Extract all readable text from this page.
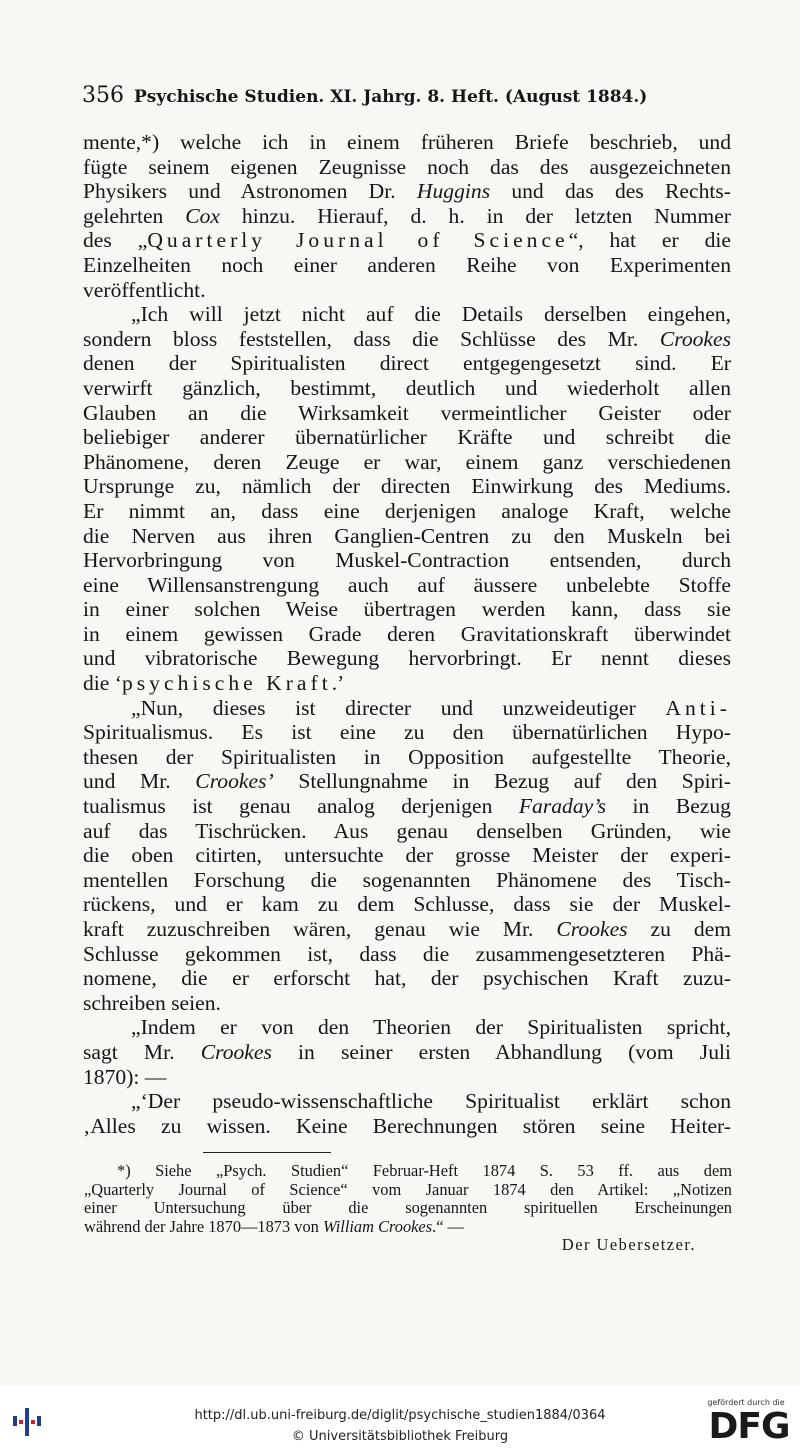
356 Psychische Studien. XI. Jahrg. 8. Heft. (August 1884.)

mente,*) welche ich in einem früheren Briefe beschrieb, und
fügte seinem eigenen Zeugnisse noch das des ausgezeichneten
Physikers und Astronomen Dr. Huggins und das des Rechts-
gelehrten Cox hinzu. Hierauf, d. h. in der letzten Nummer
des „Quarterly Journal of Science“, hat er die
Einzelheiten noch einer anderen Reihe von Experimenten
veröffentlicht.

„Ich will jetzt nicht auf die Details derselben eingehen,
sondern bloss feststellen, dass die Schlüsse des Mr. Crookes
denen der Spiritualisten direct entgegengesetzt sind. Er
verwirft gänzlich, bestimmt, deutlich und wiederholt allen
Glauben an die Wirksamkeit vermeintlicher Geister oder
beliebiger anderer übernatürlicher Kräfte und schreibt die
Phänomene, deren Zeuge er war, einem ganz verschiedenen
Ursprunge zu, nämlich der directen Einwirkung des Mediums.
Er nimmt an, dass eine derjenigen analoge Kraft, welche
die Nerven aus ihren Ganglien-Centren zu den Muskeln bei
Hervorbringung von Muskel-Contraction entsenden, durch
eine Willensanstrengung auch auf äussere unbelebte Stoffe
in einer solchen Weise übertragen werden kann, dass sie
in einem gewissen Grade deren Gravitationskraft überwindet
und vibratorische Bewegung hervorbringt. Er nennt dieses
die ‘psychische Kraft.’

„Nun, dieses ist directer und unzweideutiger Anti-
Spiritualismus. Es ist eine zu den übernatürlichen Hypo-
thesen der Spiritualisten in Opposition aufgestellte Theorie,
und Mr. Crookes’ Stellungnahme in Bezug auf den Spiri-
tualismus ist genau analog derjenigen Faraday’s in Bezug
auf das Tischrücken. Aus genau denselben Gründen, wie
die oben citirten, untersuchte der grosse Meister der experi-
mentellen Forschung die sogenannten Phänomene des Tisch-
rückens, und er kam zu dem Schlusse, dass sie der Muskel-
kraft zuzuschreiben wären, genau wie Mr. Crookes zu dem
Schlusse gekommen ist, dass die zusammengesetzteren Phä-
nomene, die er erforscht hat, der psychischen Kraft zuzu-
schreiben seien.

„Indem er von den Theorien der Spiritualisten spricht,
sagt Mr. Crookes in seiner ersten Abhandlung (vom Juli
1870): —

„‘Der pseudo-wissenschaftliche Spiritualist erklärt schon
‚Alles zu wissen. Keine Berechnungen stören seine Heiter-

*) Siehe „Psych. Studien“ Februar-Heft 1874 S. 53 ff. aus dem
„Quarterly Journal of Science“ vom Januar 1874 den Artikel: „Notizen
einer Untersuchung über die sogenannten spirituellen Erscheinungen
während der Jahre 1870—1873 von William Crookes.“ —
Der Uebersetzer.
http://dl.ub.uni-freiburg.de/diglit/psychische_studien1884/0364
© Universitätsbibliothek Freiburg
gefördert durch die
DFG
